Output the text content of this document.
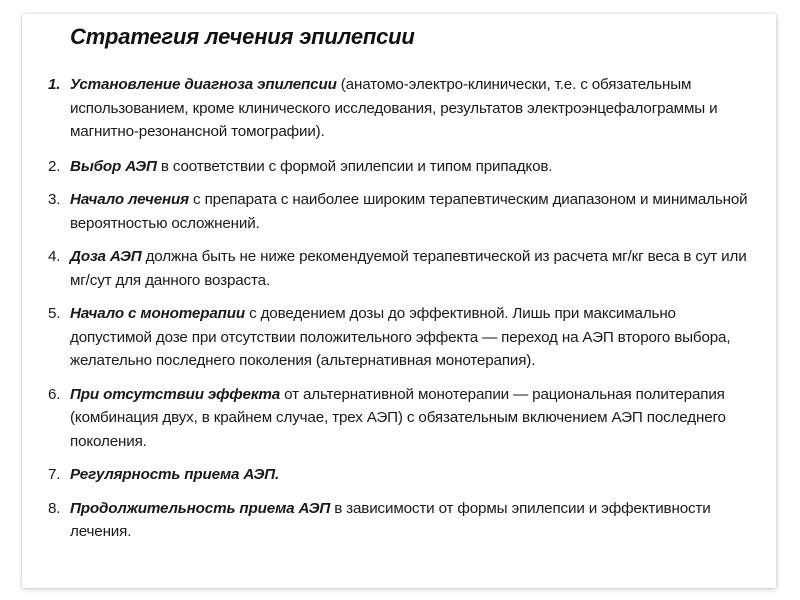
Стратегия лечения эпилепсии
1. Установление диагноза эпилепсии (анатомо-электро-клинически, т.е. с обязательным использованием, кроме клинического исследования, результатов электроэнцефалограммы и магнитно-резонансной томографии).
2. Выбор АЭП в соответствии с формой эпилепсии и типом припадков.
3. Начало лечения с препарата с наиболее широким терапевтическим диапазоном и минимальной вероятностью осложнений.
4. Доза АЭП должна быть не ниже рекомендуемой терапевтической из расчета мг/кг веса в сут или мг/сут для данного возраста.
5. Начало с монотерапии с доведением дозы до эффективной. Лишь при максимально допустимой дозе при отсутствии положительного эффекта — переход на АЭП второго выбора, желательно последнего поколения (альтернативная монотерапия).
6. При отсутствии эффекта от альтернативной монотерапии — рациональная политерапия (комбинация двух, в крайнем случае, трех АЭП) с обязательным включением АЭП последнего поколения.
7. Регулярность приема АЭП.
8. Продолжительность приема АЭП в зависимости от формы эпилепсии и эффективности лечения.
